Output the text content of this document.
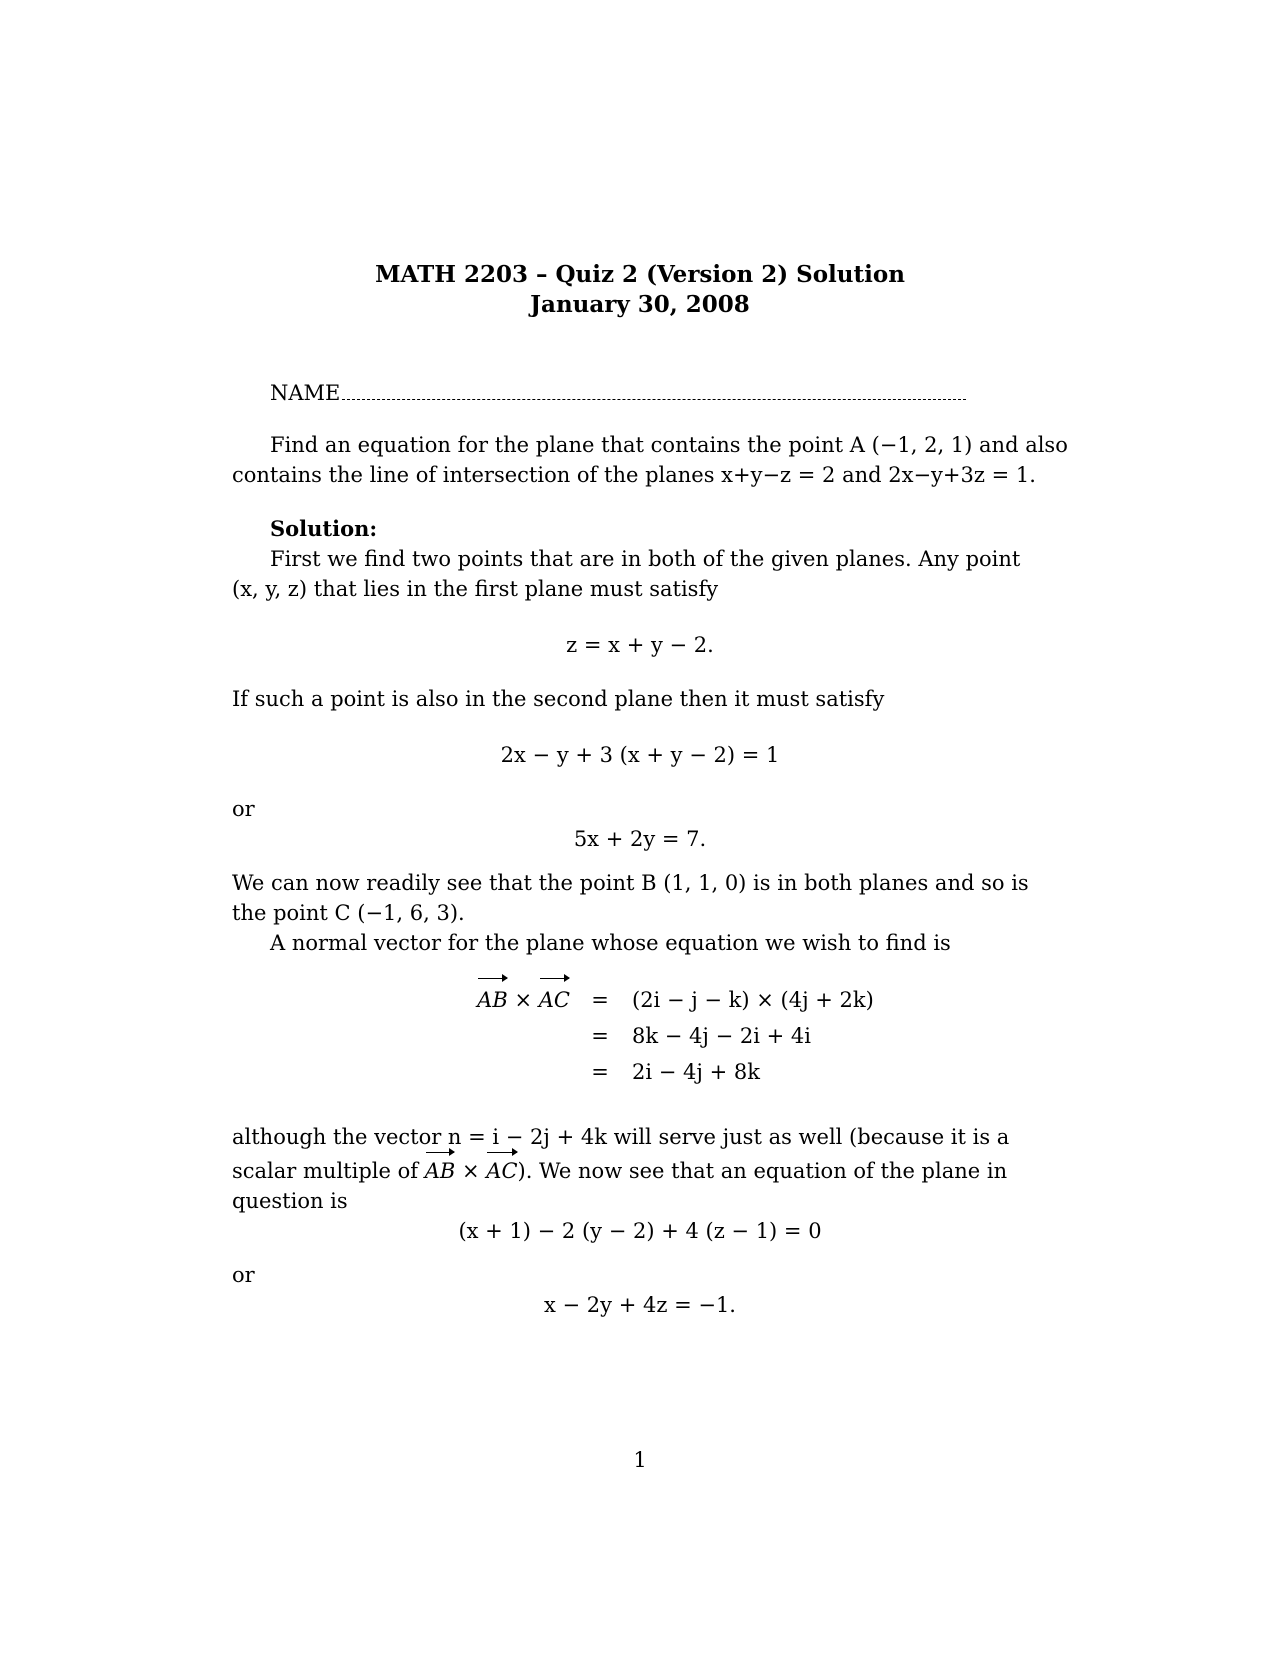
MATH 2203 – Quiz 2 (Version 2) Solution
January 30, 2008
NAME
Find an equation for the plane that contains the point A (−1, 2, 1) and also
contains the line of intersection of the planes x+y−z = 2 and 2x−y+3z = 1.
Solution:
First we find two points that are in both of the given planes. Any point
(x, y, z) that lies in the first plane must satisfy
z = x + y − 2.
If such a point is also in the second plane then it must satisfy
2x − y + 3 (x + y − 2) = 1
or
5x + 2y = 7.
We can now readily see that the point B (1, 1, 0) is in both planes and so is
the point C (−1, 6, 3).
A normal vector for the plane whose equation we wish to find is
AB × AC = (2i − j − k) × (4j + 2k)
= 8k − 4j − 2i + 4i
= 2i − 4j + 8k
although the vector n = i − 2j + 4k will serve just as well (because it is a
scalar multiple of AB × AC). We now see that an equation of the plane in
question is
(x + 1) − 2 (y − 2) + 4 (z − 1) = 0
or
x − 2y + 4z = −1.
1
